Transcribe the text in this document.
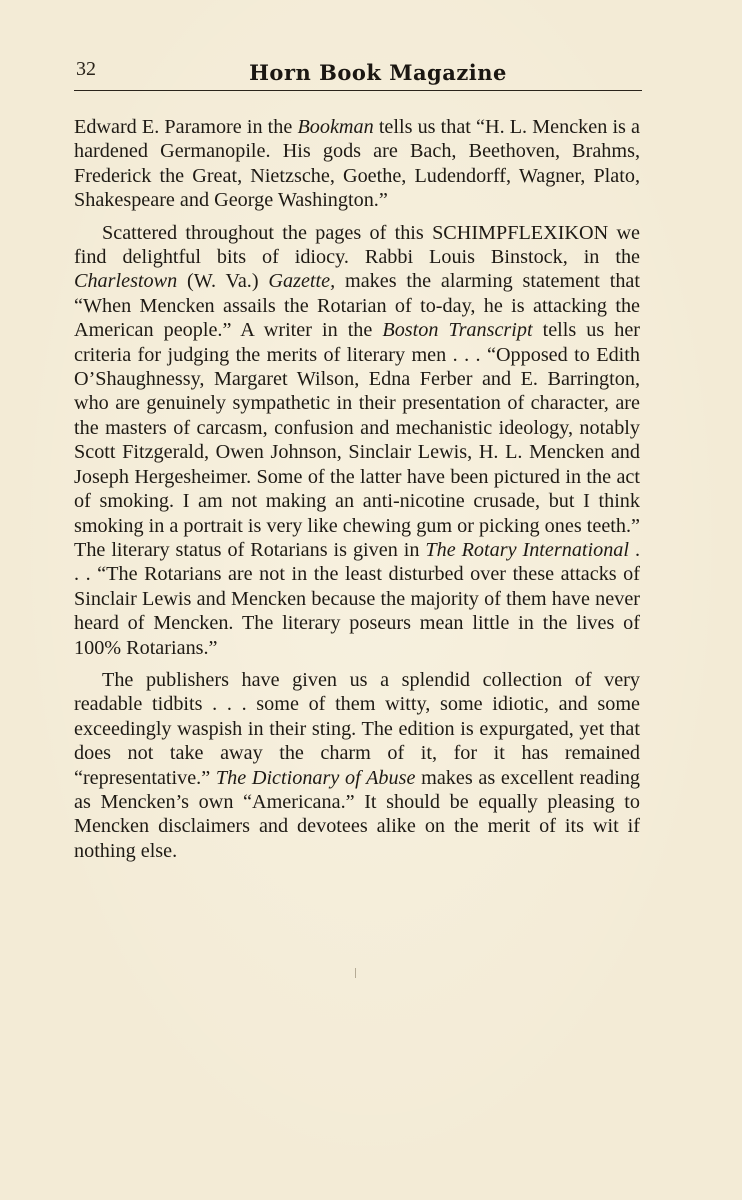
32	Horn Book Magazine

Edward E. Paramore in the Bookman tells us that “H. L. Mencken is a hardened Germanopile. His gods are Bach, Beethoven, Brahms, Frederick the Great, Nietzsche, Goethe, Ludendorff, Wagner, Plato, Shakespeare and George Washington.”

Scattered throughout the pages of this SCHIMPFLEXIKON we find delightful bits of idiocy. Rabbi Louis Binstock, in the Charlestown (W. Va.) Gazette, makes the alarming statement that “When Mencken assails the Rotarian of to-day, he is attacking the American people.” A writer in the Boston Transcript tells us her criteria for judging the merits of literary men . . . “Opposed to Edith O’Shaughnessy, Margaret Wilson, Edna Ferber and E. Barrington, who are genuinely sympathetic in their presentation of character, are the masters of carcasm, confusion and mechanistic ideology, notably Scott Fitzgerald, Owen Johnson, Sinclair Lewis, H. L. Mencken and Joseph Hergesheimer. Some of the latter have been pictured in the act of smoking. I am not making an anti-nicotine crusade, but I think smoking in a portrait is very like chewing gum or picking ones teeth.” The literary status of Rotarians is given in The Rotary International . . . “The Rotarians are not in the least disturbed over these attacks of Sinclair Lewis and Mencken because the majority of them have never heard of Mencken. The literary poseurs mean little in the lives of 100% Rotarians.”

The publishers have given us a splendid collection of very readable tidbits . . . some of them witty, some idiotic, and some exceedingly waspish in their sting. The edition is expurgated, yet that does not take away the charm of it, for it has remained “representative.” The Dictionary of Abuse makes as excellent reading as Mencken’s own “Americana.” It should be equally pleasing to Mencken disclaimers and devotees alike on the merit of its wit if nothing else.
